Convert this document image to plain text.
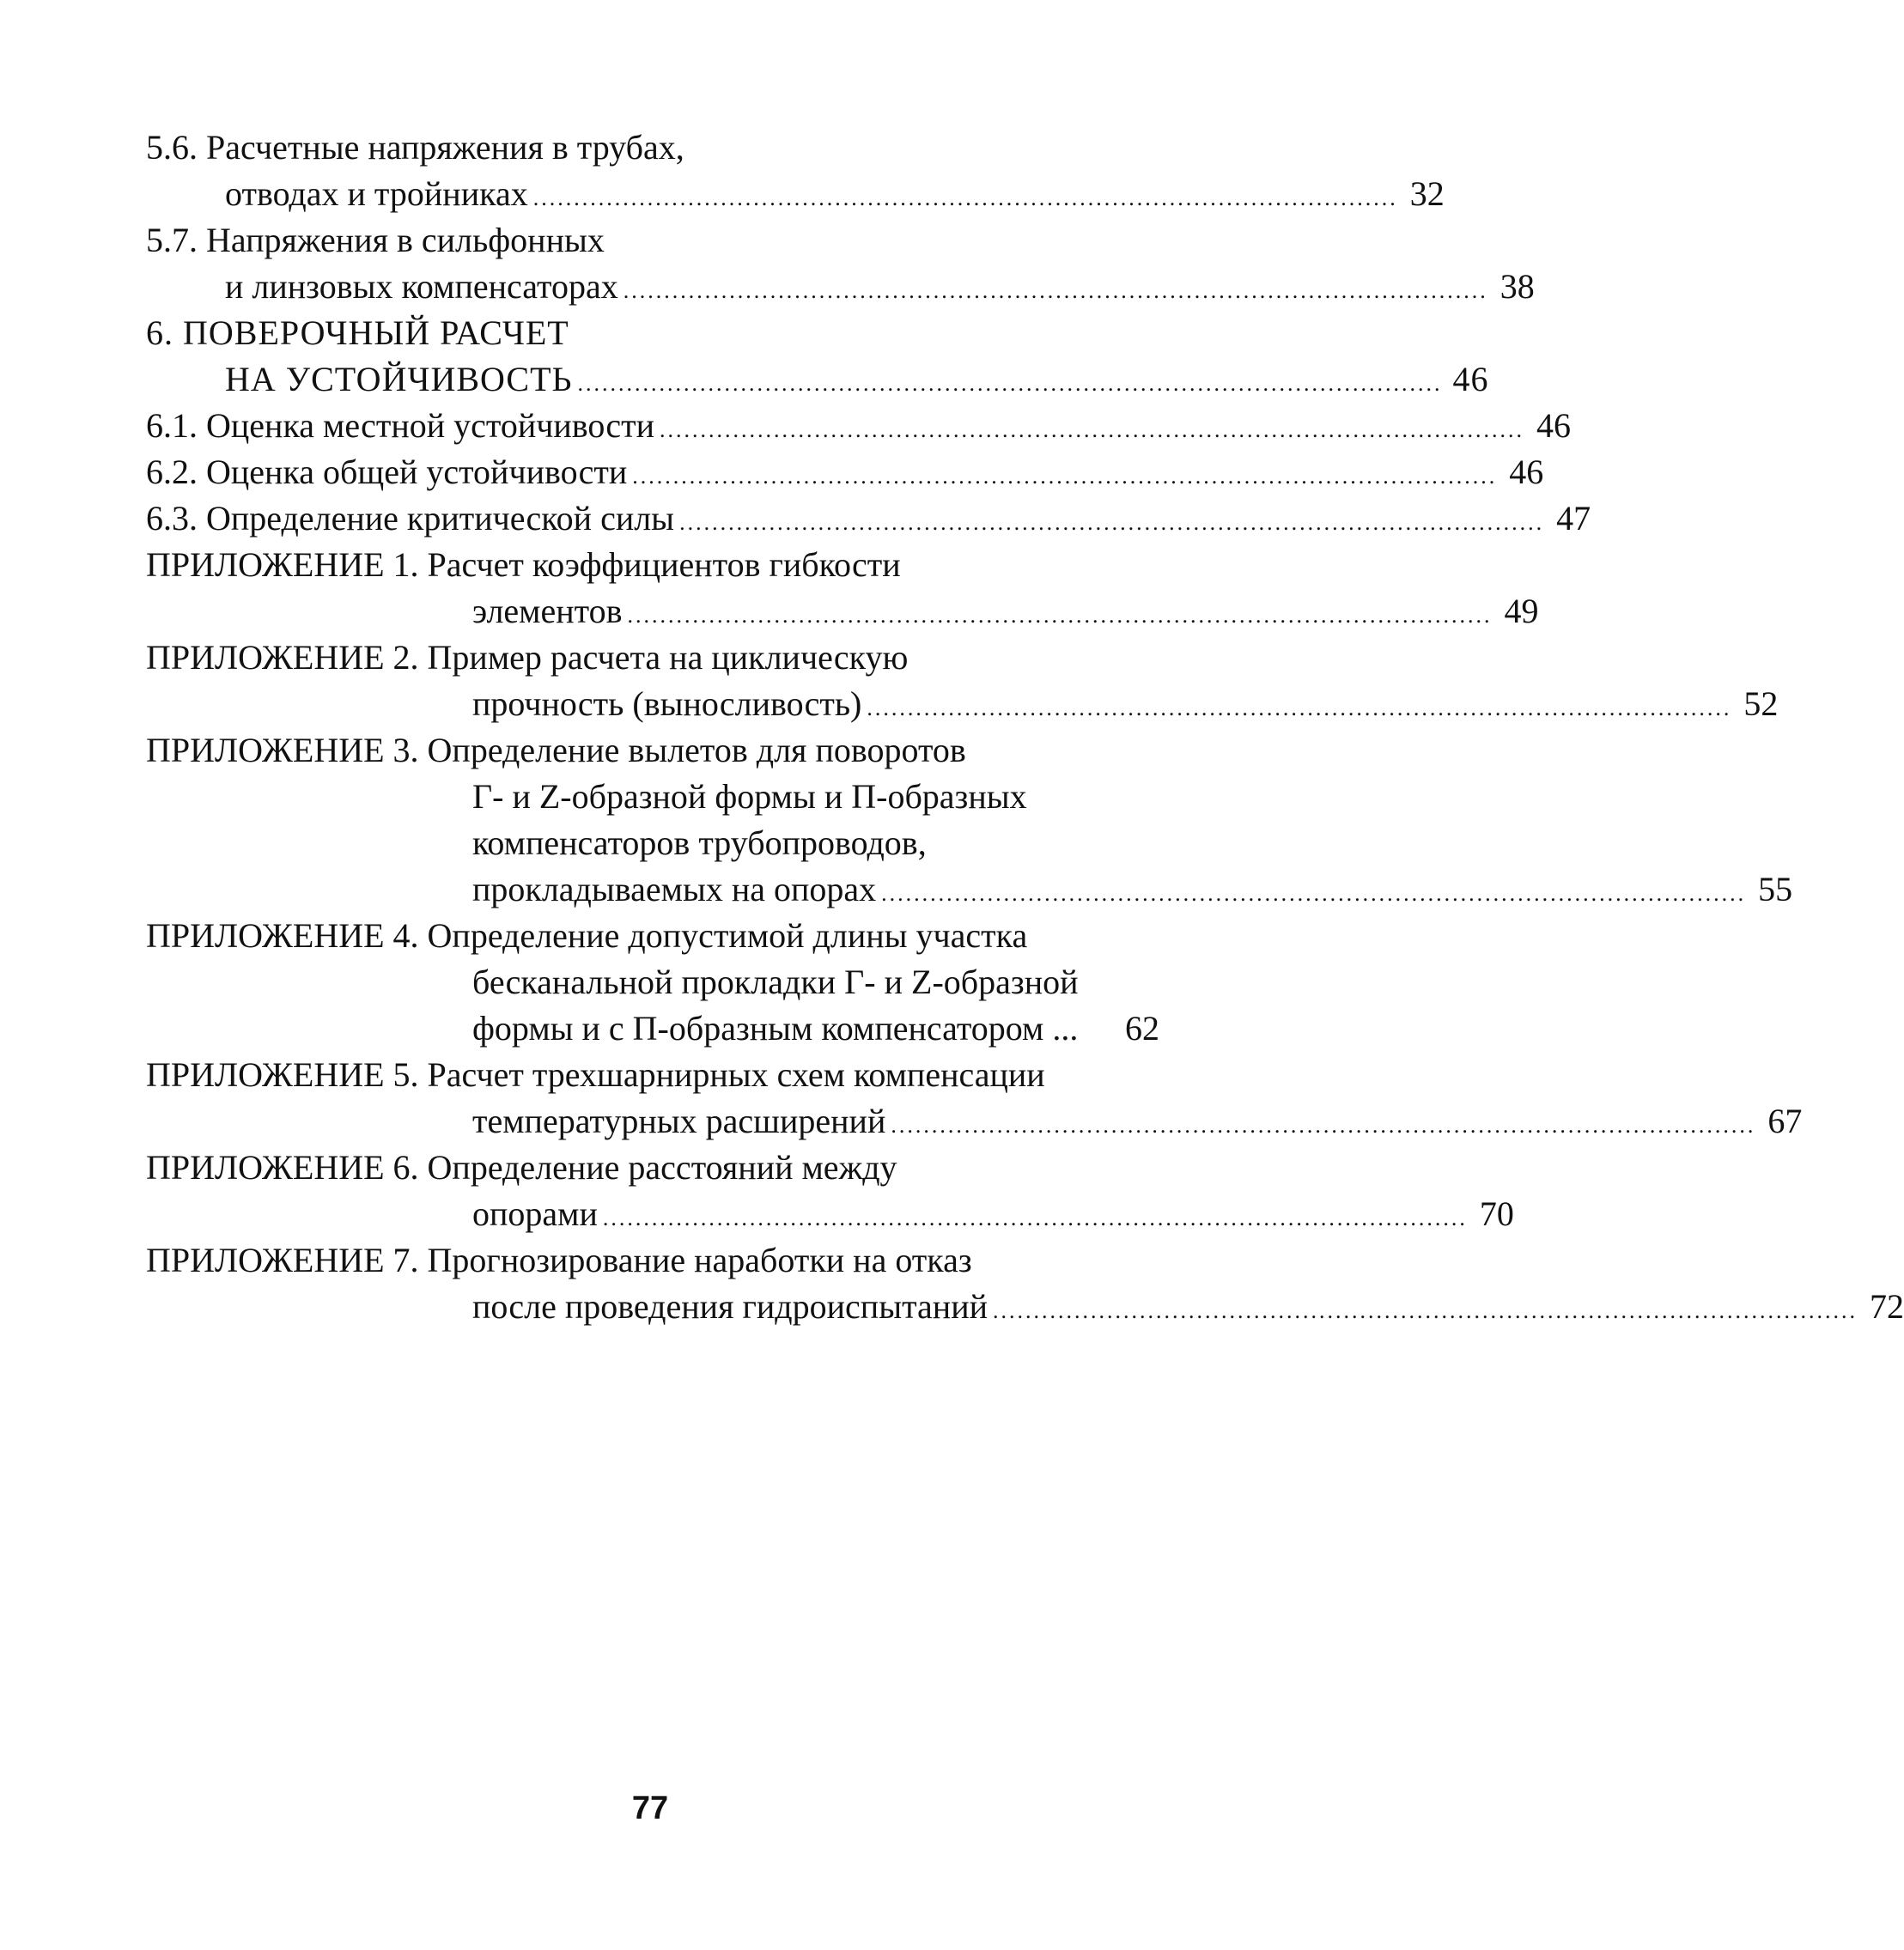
5.6. Расчетные напряжения в трубах,
отводах и тройниках .......................................................................................................... 32
5.7. Напряжения в сильфонных
и линзовых компенсаторах .......................................................................................................... 38
6. ПОВЕРОЧНЫЙ РАСЧЕТ
НА УСТОЙЧИВОСТЬ .......................................................................................................... 46
6.1. Оценка местной устойчивости .......................................................................................................... 46
6.2. Оценка общей устойчивости .......................................................................................................... 46
6.3. Определение критической силы .......................................................................................................... 47
ПРИЛОЖЕНИЕ 1. Расчет коэффициентов гибкости
элементов .......................................................................................................... 49
ПРИЛОЖЕНИЕ 2. Пример расчета на циклическую
прочность (выносливость) .......................................................................................................... 52
ПРИЛОЖЕНИЕ 3. Определение вылетов для поворотов
Г- и Z-образной формы и П-образных
компенсаторов трубопроводов,
прокладываемых на опорах .......................................................................................................... 55
ПРИЛОЖЕНИЕ 4. Определение допустимой длины участка
бесканальной прокладки Г- и Z-образной
формы и с П-образным компенсатором ... 62
ПРИЛОЖЕНИЕ 5. Расчет трехшарнирных схем компенсации
температурных расширений .......................................................................................................... 67
ПРИЛОЖЕНИЕ 6. Определение расстояний между
опорами .......................................................................................................... 70
ПРИЛОЖЕНИЕ 7. Прогнозирование наработки на отказ
после проведения гидроиспытаний .......................................................................................................... 72
77
